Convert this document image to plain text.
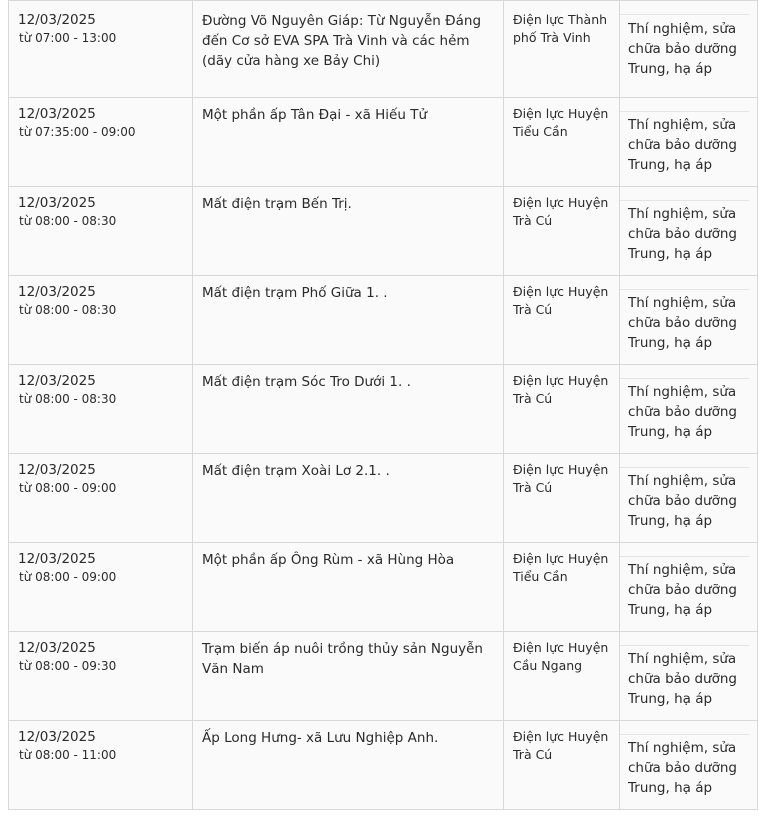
12/03/2025
từ 07:00 - 13:00	Đường Võ Nguyên Giáp: Từ Nguyễn Đáng đến Cơ sở EVA SPA Trà Vinh và các hẻm (dãy cửa hàng xe Bảy Chi)	Điện lực Thành phố Trà Vinh	Thí nghiệm, sửa chữa bảo dưỡng Trung, hạ áp

12/03/2025
từ 07:35:00 - 09:00	Một phần ấp Tân Đại - xã Hiếu Tử	Điện lực Huyện Tiểu Cần	Thí nghiệm, sửa chữa bảo dưỡng Trung, hạ áp

12/03/2025
từ 08:00 - 08:30	Mất điện trạm Bến Trị.	Điện lực Huyện Trà Cú	Thí nghiệm, sửa chữa bảo dưỡng Trung, hạ áp

12/03/2025
từ 08:00 - 08:30	Mất điện trạm Phố Giữa 1. .	Điện lực Huyện Trà Cú	Thí nghiệm, sửa chữa bảo dưỡng Trung, hạ áp

12/03/2025
từ 08:00 - 08:30	Mất điện trạm Sóc Tro Dưới 1. .	Điện lực Huyện Trà Cú	Thí nghiệm, sửa chữa bảo dưỡng Trung, hạ áp

12/03/2025
từ 08:00 - 09:00	Mất điện trạm Xoài Lơ 2.1. .	Điện lực Huyện Trà Cú	Thí nghiệm, sửa chữa bảo dưỡng Trung, hạ áp

12/03/2025
từ 08:00 - 09:00	Một phần ấp Ông Rùm - xã Hùng Hòa	Điện lực Huyện Tiểu Cần	Thí nghiệm, sửa chữa bảo dưỡng Trung, hạ áp

12/03/2025
từ 08:00 - 09:30	Trạm biến áp nuôi trồng thủy sản Nguyễn Văn Nam	Điện lực Huyện Cầu Ngang	Thí nghiệm, sửa chữa bảo dưỡng Trung, hạ áp

12/03/2025
từ 08:00 - 11:00	Ấp Long Hưng- xã Lưu Nghiệp Anh.	Điện lực Huyện Trà Cú	Thí nghiệm, sửa chữa bảo dưỡng Trung, hạ áp
